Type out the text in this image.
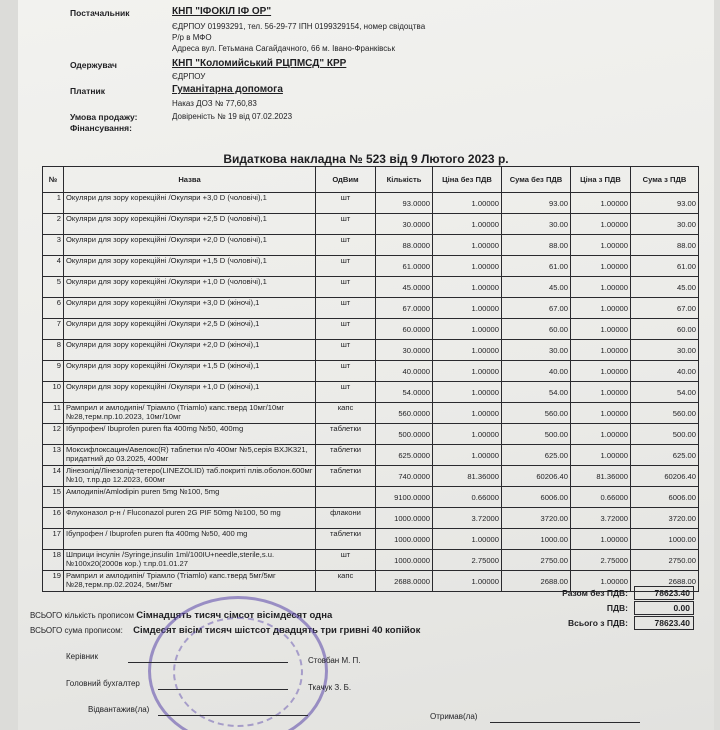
Постачальник	КНП "ІФОКІЛ ІФ ОР"
ЄДРПОУ 01993291, тел. 56-29-77 ІПН 0199329154, номер свідоцтва
Р/р в МФО
Адреса вул. Гетьмана Сагайдачного, 66 м. Івано-Франківськ
Одержувач	КНП "Коломийський РЦПМСД" КРР
ЄДРПОУ
Платник	Гуманітарна допомога
Наказ ДОЗ № 77,60,83
Умова продажу:	Довіреність № 19 від 07.02.2023
Фінансування:
Видаткова накладна № 523 від 9 Лютого 2023 р.
№	Назва	ОдВим	Кількість	Ціна без ПДВ	Сума без ПДВ	Ціна з ПДВ	Сума з ПДВ
1	Окуляри для зору корекційні /Окуляри +3,0 D (чоловічі),1	шт	93.0000	1.00000	93.00	1.00000	93.00
2	Окуляри для зору корекційні /Окуляри +2,5 D (чоловічі),1	шт	30.0000	1.00000	30.00	1.00000	30.00
3	Окуляри для зору корекційні /Окуляри +2,0 D (чоловічі),1	шт	88.0000	1.00000	88.00	1.00000	88.00
4	Окуляри для зору корекційні /Окуляри +1,5 D (чоловічі),1	шт	61.0000	1.00000	61.00	1.00000	61.00
5	Окуляри для зору корекційні /Окуляри +1,0 D (чоловічі),1	шт	45.0000	1.00000	45.00	1.00000	45.00
6	Окуляри для зору корекційні /Окуляри +3,0 D (жіночі),1	шт	67.0000	1.00000	67.00	1.00000	67.00
7	Окуляри для зору корекційні /Окуляри +2,5 D (жіночі),1	шт	60.0000	1.00000	60.00	1.00000	60.00
8	Окуляри для зору корекційні /Окуляри +2,0 D (жіночі),1	шт	30.0000	1.00000	30.00	1.00000	30.00
9	Окуляри для зору корекційні /Окуляри +1,5 D (жіночі),1	шт	40.0000	1.00000	40.00	1.00000	40.00
10	Окуляри для зору корекційні /Окуляри +1,0 D (жіночі),1	шт	54.0000	1.00000	54.00	1.00000	54.00
11	Рамприл и амлодипін/ Тріамло (Triamlo) капс.тверд 10мг/10мг №28,терм.пр.10.2023, 10мг/10мг	капс	560.0000	1.00000	560.00	1.00000	560.00
12	Ібупрофен/ Ibuprofen puren fta 400mg №50, 400mg	таблетки	500.0000	1.00000	500.00	1.00000	500.00
13	Моксифлоксацин/Авелокс(R) таблетки п/о 400мг №5,серія BXJK321, придатний до 03.2025, 400мг	таблетки	625.0000	1.00000	625.00	1.00000	625.00
14	Лінезолід/Лінезолід-тетеро(LINEZOLID) таб.покриті плів.оболон.600мг №10, т.пр.до 12.2023, 600мг	таблетки	740.0000	81.36000	60206.40	81.36000	60206.40
15	Амлодипін/Amlodipin puren 5mg №100, 5mg		9100.0000	0.66000	6006.00	0.66000	6006.00
16	Флуконазол р-н / Fluconazol puren 2G PIF 50mg №100, 50 mg	флакони	1000.0000	3.72000	3720.00	3.72000	3720.00
17	Ібупрофен / Ibuprofen puren fta 400mg №50, 400 mg	таблетки	1000.0000	1.00000	1000.00	1.00000	1000.00
18	Шприци інсулін /Syringe,insulin 1ml/100IU+needle,sterile,s.u.№100х20(2000в кор.) т.пр.01.01.27	шт	1000.0000	2.75000	2750.00	2.75000	2750.00
19	Рамприл и амлодипін/ Тріамло (Triamlo) капс.тверд 5мг/5мг №28,терм.пр.02.2024, 5мг/5мг	капс	2688.0000	1.00000	2688.00	1.00000	2688.00
Разом без ПДВ:	78623.40
ПДВ:	0.00
Всього з ПДВ:	78623.40
ВСЬОГО кількість прописом Сімнадцять тисяч сімсот вісімдесят одна
ВСЬОГО сума прописом: Сімдесят вісім тисяч шістсот двадцять три гривні 40 копійок
Керівник	Стовбан М. П.
Головний бухгалтер	Ткачук З. Б.
Відвантажив(ла)
Отримав(ла)
